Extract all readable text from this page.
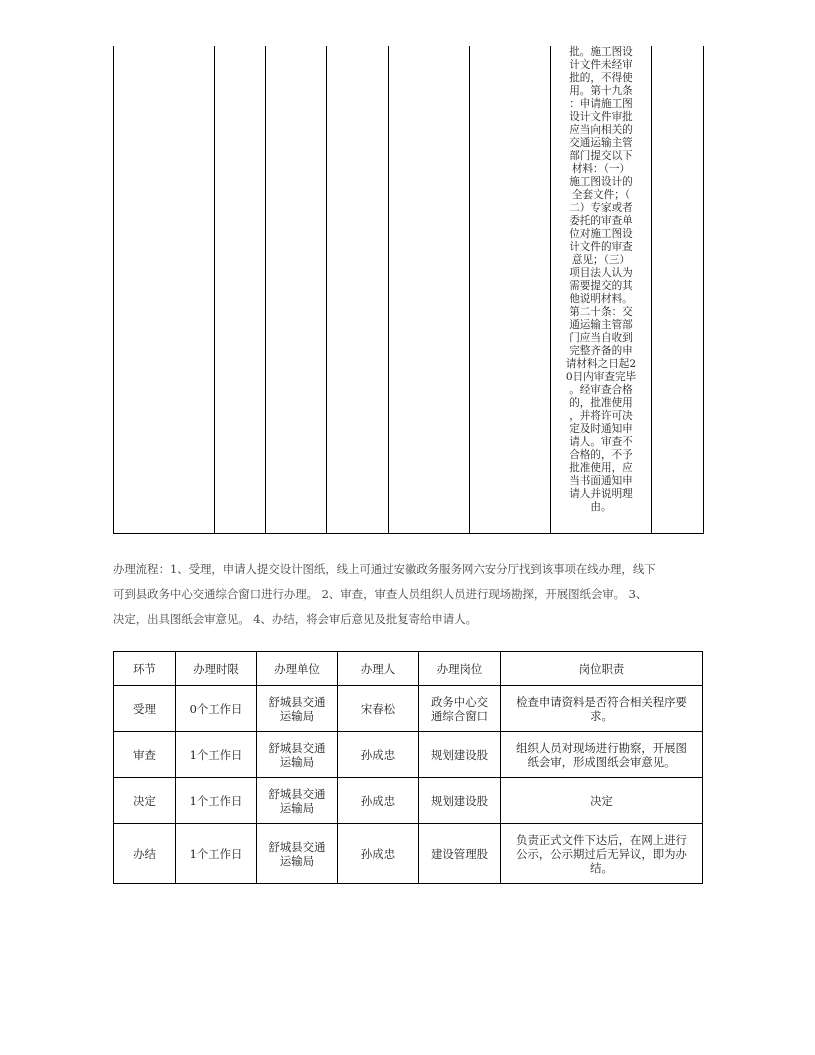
批。施工图设

计文件未经审

批的，不得使

用。第十九条

：申请施工图

设计文件审批

应当向相关的

交通运输主管

部门提交以下

材料：（一）

施工图设计的

全套文件；（

二）专家或者

委托的审查单

位对施工图设

计文件的审查

意见；（三）

项目法人认为

需要提交的其

他说明材料。

第二十条：交

通运输主管部

门应当自收到

完整齐备的申

请材料之日起2

0日内审查完毕

。经审查合格

的，批准使用

，并将许可决

定及时通知申

请人。审查不

合格的，不予

批准使用，应

当书面通知申

请人并说明理

由。

办理流程：1、受理，申请人提交设计图纸，线上可通过安徽政务服务网六安分厅找到该事项在线办理，线下

可到县政务中心交通综合窗口进行办理。 2、审查，审查人员组织人员进行现场勘探，开展图纸会审。 3、

决定，出具图纸会审意见。 4、办结，将会审后意见及批复寄给申请人。

环节	办理时限	办理单位	办理人	办理岗位	岗位职责
受理	0个工作日	舒城县交通
运输局	宋春松	政务中心交
通综合窗口	检查申请资料是否符合相关程序要
求。
审查	1个工作日	舒城县交通
运输局	孙成忠	规划建设股	组织人员对现场进行勘察，开展图
纸会审，形成图纸会审意见。
决定	1个工作日	舒城县交通
运输局	孙成忠	规划建设股	决定
办结	1个工作日	舒城县交通
运输局	孙成忠	建设管理股	负责正式文件下达后，在网上进行
公示，公示期过后无异议，即为办
结。
